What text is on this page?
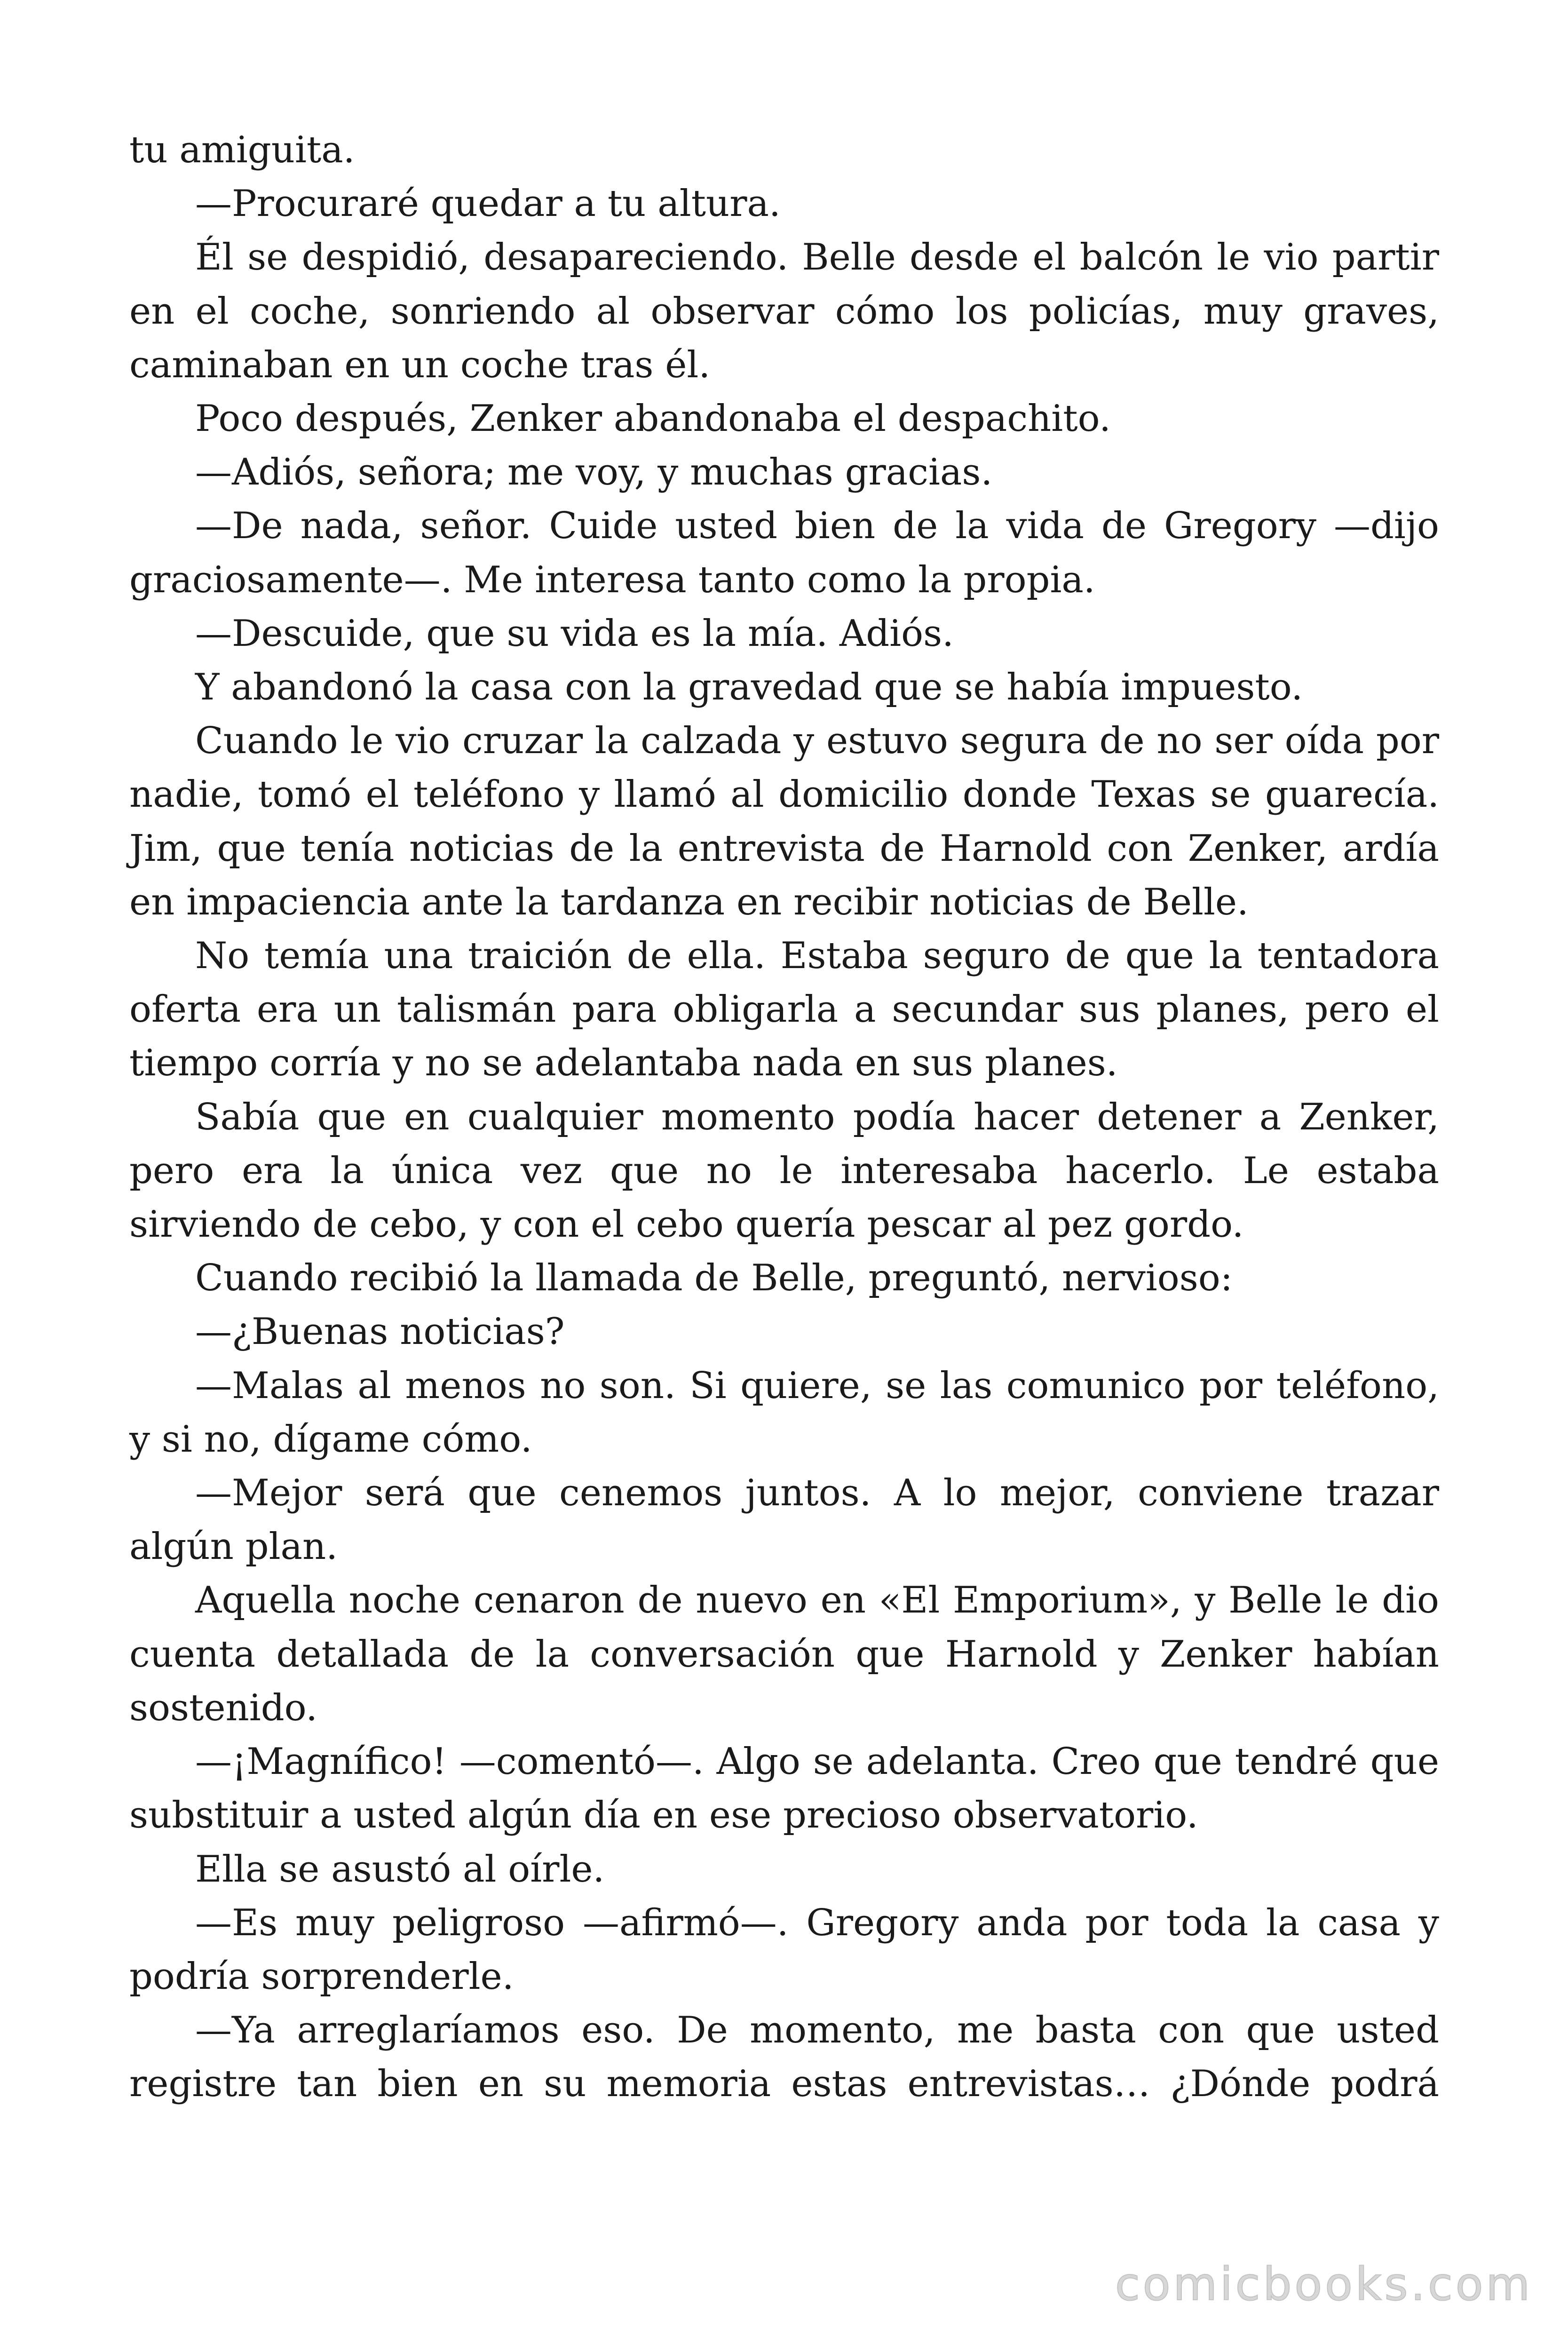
tu amiguita.

—Procuraré quedar a tu altura.

Él se despidió, desapareciendo. Belle desde el balcón le vio partir en el coche, sonriendo al observar cómo los policías, muy graves, caminaban en un coche tras él.

Poco después, Zenker abandonaba el despachito.

—Adiós, señora; me voy, y muchas gracias.

—De nada, señor. Cuide usted bien de la vida de Gregory —dijo graciosamente—. Me interesa tanto como la propia.

—Descuide, que su vida es la mía. Adiós.

Y abandonó la casa con la gravedad que se había impuesto.

Cuando le vio cruzar la calzada y estuvo segura de no ser oída por nadie, tomó el teléfono y llamó al domicilio donde Texas se guarecía. Jim, que tenía noticias de la entrevista de Harnold con Zenker, ardía en impaciencia ante la tardanza en recibir noticias de Belle.

No temía una traición de ella. Estaba seguro de que la tentadora oferta era un talismán para obligarla a secundar sus planes, pero el tiempo corría y no se adelantaba nada en sus planes.

Sabía que en cualquier momento podía hacer detener a Zenker, pero era la única vez que no le interesaba hacerlo. Le estaba sirviendo de cebo, y con el cebo quería pescar al pez gordo.

Cuando recibió la llamada de Belle, preguntó, nervioso:

—¿Buenas noticias?

—Malas al menos no son. Si quiere, se las comunico por teléfono, y si no, dígame cómo.

—Mejor será que cenemos juntos. A lo mejor, conviene trazar algún plan.

Aquella noche cenaron de nuevo en «El Emporium», y Belle le dio cuenta detallada de la conversación que Harnold y Zenker habían sostenido.

—¡Magnífico! —comentó—. Algo se adelanta. Creo que tendré que substituir a usted algún día en ese precioso observatorio.

Ella se asustó al oírle.

—Es muy peligroso —afirmó—. Gregory anda por toda la casa y podría sorprenderle.

—Ya arreglaríamos eso. De momento, me basta con que usted registre tan bien en su memoria estas entrevistas… ¿Dónde podrá

comicbooks.com
